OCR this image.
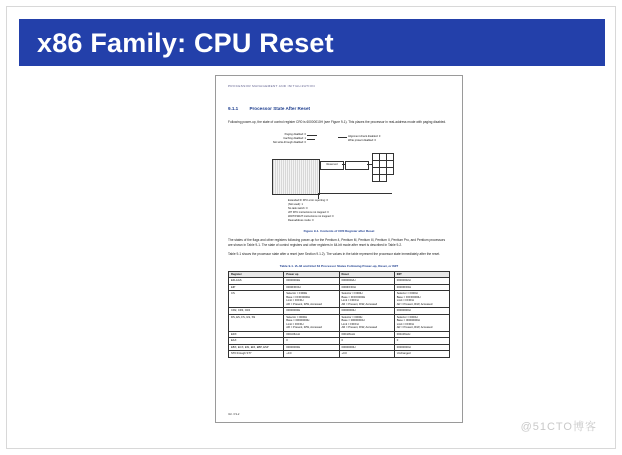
x86 Family: CPU Reset
PROCESSOR MANAGEMENT AND INITIALIZATION
9.1.1 Processor State After Reset
Following power-up, the state of control register CR0 is 60000010H (see Figure 9-1). This places the processor in real-address mode with paging disabled.
Paging disabled: 0
Caching disabled: 1
Not write-through disabled: 0
Alignment check disabled: 0
Write protect disabled: 0
Reserved
Extended IF FPU error reporting: 0
(Not used): 1
No task switch: 0
x87 FPU instructions not trapped: 0
WAIT/FWAIT instructions not trapped: 0
Real-address mode: 0
Figure 9-1. Contents of CR0 Register after Reset
The states of the flags and other registers following power-up for the Pentium 4, Pentium M, Pentium III, Pentium II, Pentium Pro, and Pentium processors are shown in Table 9-1. The state of control registers and other registers in 64-bit mode after reset is described in Table 9-2.
Table 9-1 shows the processor state after a reset (see Section 9.1.2). The values in the table represent the processor state immediately after the reset.
Table 9-1. IA-32 and Intel 64 Processor States Following Power-up, Reset, or INIT
Register	Power up	Reset	INIT
EFLAGS	00000002H	00000002H	00000002H

EIP	0000FFF0H	0000FFF0H	0000FFF0H

CS	Selector = F000H
Base = FFFF0000H
Limit = FFFFH
AR = Present, R/W, Accessed	Selector = F000H
Base = FFFF0000H
Limit = FFFFH
AR = Present, R/W, Accessed	Selector = F000H
Base = FFFF0000H
Limit = FFFFH
AR = Present, R/W, Accessed

CR2, CR3, CR4	00000000H	00000000H	00000000H

DS, ES, FS, GS, SS	Selector = 0000H
Base = 00000000H
Limit = FFFFH
AR = Present, R/W, Accessed	Selector = 0000H
Base = 00000000H
Limit = FFFFH
AR = Present, R/W, Accessed	Selector = 0000H
Base = 00000000H
Limit = FFFFH
AR = Present, R/W, Accessed

EDX	000n06xxH	000n06xxH	000n06xxH

EAX	0	0	0

EBX, ECX, ESI, EDI, EBP, ESP	00000000H	00000000H	00000000H

ST0 through ST7	+0.0	+0.0	Unchanged
Vol. 3 9-2
@51CTO博客
